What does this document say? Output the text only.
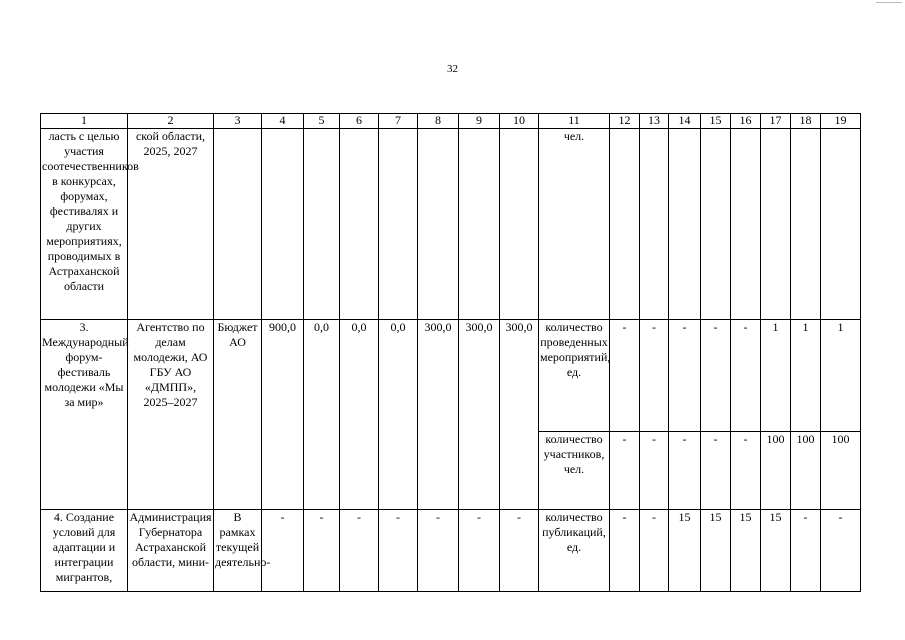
32
1	2	3	4	5	6	7	8	9	10	11	12	13	14	15	16	17	18	19
ласть с целью участия соотечественников в конкурсах, форумах, фестивалях и других мероприятиях, проводимых в Астраханской области	ской области, 2025, 2027									чел.								
3. Международный форум-фестиваль молодежи «Мы за мир»	Агентство по делам молодежи, АО ГБУ АО «ДМПП», 2025–2027	Бюджет АО	900,0	0,0	0,0	0,0	300,0	300,0	300,0	количество проведенных мероприятий, ед.	-	-	-	-	-	1	1	1
										количество участников, чел.	-	-	-	-	-	100	100	100
4. Создание условий для адаптации и интеграции мигрантов,	Администрация Губернатора Астраханской области, мини-	В рамках текущей деятельно-	-	-	-	-	-	-	-	количество публикаций, ед.	-	-	15	15	15	15	-	-
